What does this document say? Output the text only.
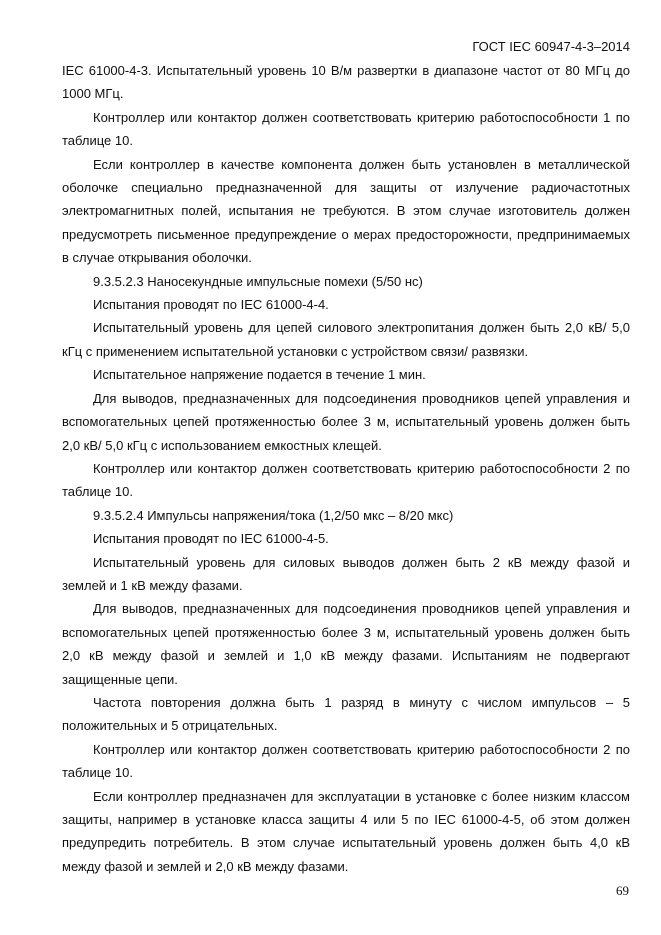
ГОСТ IEC 60947-4-3–2014

IEC 61000-4-3. Испытательный уровень 10 В/м развертки в диапазоне частот от 80 МГц до 1000 МГц.

Контроллер или контактор должен соответствовать критерию работоспособности 1 по таблице 10.

Если контроллер в качестве компонента должен быть установлен в металлической оболочке специально предназначенной для защиты от излучение радиочастотных электромагнитных полей, испытания не требуются. В этом случае изготовитель должен предусмотреть письменное предупреждение о мерах предосторожности, предпринимаемых в случае открывания оболочки.

9.3.5.2.3 Наносекундные импульсные помехи (5/50 нс)

Испытания проводят по IEC 61000-4-4.

Испытательный уровень для цепей силового электропитания должен быть 2,0 кВ/ 5,0 кГц с применением испытательной установки с устройством связи/ развязки.

Испытательное напряжение подается в течение 1 мин.

Для выводов, предназначенных для подсоединения проводников цепей управления и вспомогательных цепей протяженностью более 3 м, испытательный уровень должен быть 2,0 кВ/ 5,0 кГц с использованием емкостных клещей.

Контроллер или контактор должен соответствовать критерию работоспособности 2 по таблице 10.

9.3.5.2.4 Импульсы напряжения/тока (1,2/50 мкс – 8/20 мкс)

Испытания проводят по IEC 61000-4-5.

Испытательный уровень для силовых выводов должен быть 2 кВ между фазой и землей и 1 кВ между фазами.

Для выводов, предназначенных для подсоединения проводников цепей управления и вспомогательных цепей протяженностью более 3 м, испытательный уровень должен быть 2,0 кВ между фазой и землей и 1,0 кВ между фазами. Испытаниям не подвергают защищенные цепи.

Частота повторения должна быть 1 разряд в минуту с числом импульсов – 5 положительных и 5 отрицательных.

Контроллер или контактор должен соответствовать критерию работоспособности 2 по таблице 10.

Если контроллер предназначен для эксплуатации в установке с более низким классом защиты, например в установке класса защиты 4 или 5 по IEC 61000-4-5, об этом должен предупредить потребитель. В этом случае испытательный уровень должен быть 4,0 кВ между фазой и землей и 2,0 кВ между фазами.

69
